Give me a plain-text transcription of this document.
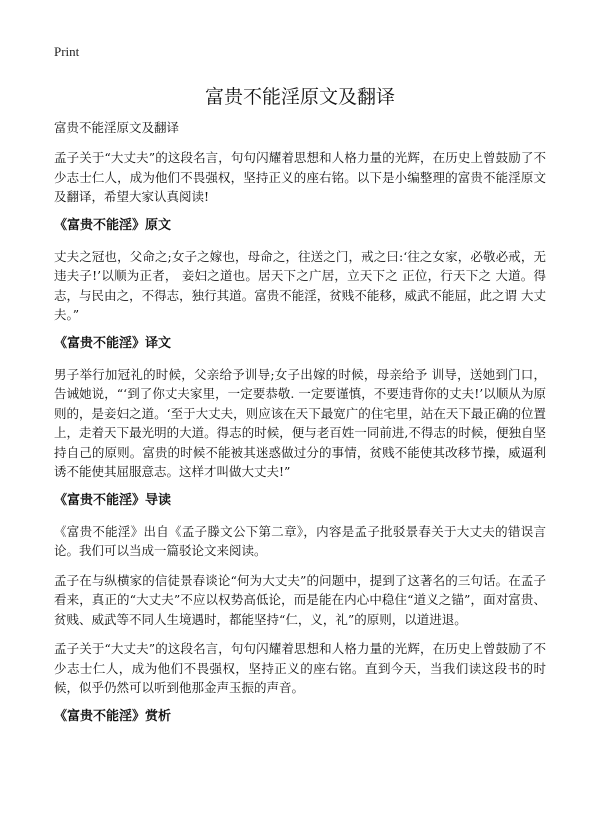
Print
富贵不能淫原文及翻译

富贵不能淫原文及翻译

孟子关于“大丈夫”的这段名言，句句闪耀着思想和人格力量的光辉，在历史上曾鼓励了不少志士仁人，成为他们不畏强权，坚持正义的座右铭。以下是小编整理的富贵不能淫原文及翻译，希望大家认真阅读!

《富贵不能淫》原文

丈夫之冠也，父命之;女子之嫁也，母命之，往送之门，戒之曰:‘往之女家，必敬必戒，无违夫子!’以顺为正者， 妾妇之道也。居天下之广居，立天下之 正位，行天下之 大道。得志，与民由之，不得志，独行其道。富贵不能淫，贫贱不能移，威武不能屈，此之谓 大丈夫。”

《富贵不能淫》译文

男子举行加冠礼的时候，父亲给予训导;女子出嫁的时候，母亲给予 训导，送她到门口，告诫她说，“‘到了你丈夫家里，一定要恭敬. 一定要谨慎，不要违背你的丈夫!’以顺从为原则的，是妾妇之道。‘至于大丈夫，则应该在天下最宽广的住宅里，站在天下最正确的位置上，走着天下最光明的大道。得志的时候，便与老百姓一同前进,不得志的时候，便独自坚持自己的原则。富贵的时候不能被其迷惑做过分的事情，贫贱不能使其改移节操，威逼利诱不能使其屈服意志。这样才叫做大丈夫!”

《富贵不能淫》导读

《富贵不能淫》出自《孟子滕文公下第二章》，内容是孟子批驳景春关于大丈夫的错误言论。我们可以当成一篇驳论文来阅读。

孟子在与纵横家的信徒景春谈论“何为大丈夫”的问题中，提到了这著名的三句话。在孟子看来，真正的“大丈夫”不应以权势高低论，而是能在内心中稳住“道义之锚”，面对富贵、贫贱、威武等不同人生境遇时，都能坚持“仁，义，礼”的原则，以道进退。

孟子关于“大丈夫”的这段名言，句句闪耀着思想和人格力量的光辉，在历史上曾鼓励了不少志士仁人，成为他们不畏强权，坚持正义的座右铭。直到今天，当我们读这段书的时候，似乎仍然可以听到他那金声玉振的声音。

《富贵不能淫》赏析
